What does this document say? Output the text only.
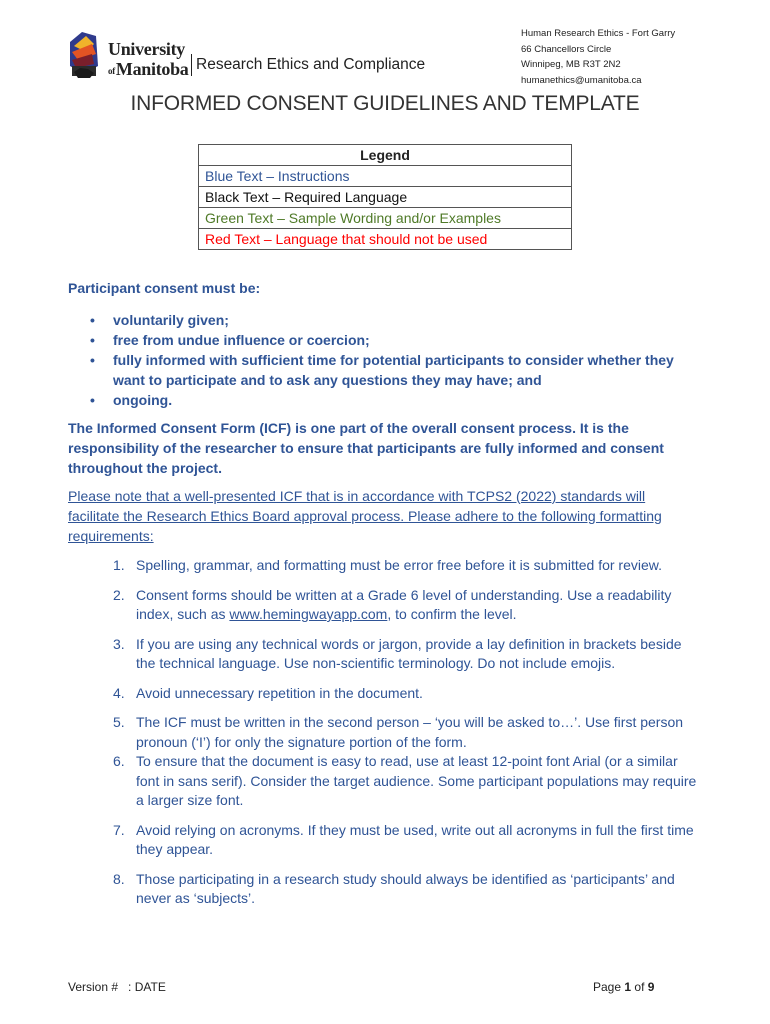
University
ofManitoba Research Ethics and Compliance
Human Research Ethics - Fort Garry
66 Chancellors Circle
Winnipeg, MB R3T 2N2
humanethics@umanitoba.ca
INFORMED CONSENT GUIDELINES AND TEMPLATE
Legend
Blue Text – Instructions
Black Text – Required Language
Green Text – Sample Wording and/or Examples
Red Text – Language that should not be used
Participant consent must be:
• voluntarily given;
• free from undue influence or coercion;
• fully informed with sufficient time for potential participants to consider whether they want to participate and to ask any questions they may have; and
• ongoing.
The Informed Consent Form (ICF) is one part of the overall consent process. It is the responsibility of the researcher to ensure that participants are fully informed and consent throughout the project.
Please note that a well-presented ICF that is in accordance with TCPS2 (2022) standards will facilitate the Research Ethics Board approval process. Please adhere to the following formatting requirements:
1. Spelling, grammar, and formatting must be error free before it is submitted for review.
2. Consent forms should be written at a Grade 6 level of understanding. Use a readability index, such as www.hemingwayapp.com, to confirm the level.
3. If you are using any technical words or jargon, provide a lay definition in brackets beside the technical language. Use non-scientific terminology. Do not include emojis.
4. Avoid unnecessary repetition in the document.
5. The ICF must be written in the second person – ‘you will be asked to…’. Use first person pronoun (‘I’) for only the signature portion of the form.
6. To ensure that the document is easy to read, use at least 12-point font Arial (or a similar font in sans serif). Consider the target audience. Some participant populations may require a larger size font.
7. Avoid relying on acronyms. If they must be used, write out all acronyms in full the first time they appear.
8. Those participating in a research study should always be identified as ‘participants’ and never as ‘subjects’.
Version #   : DATE	Page 1 of 9
